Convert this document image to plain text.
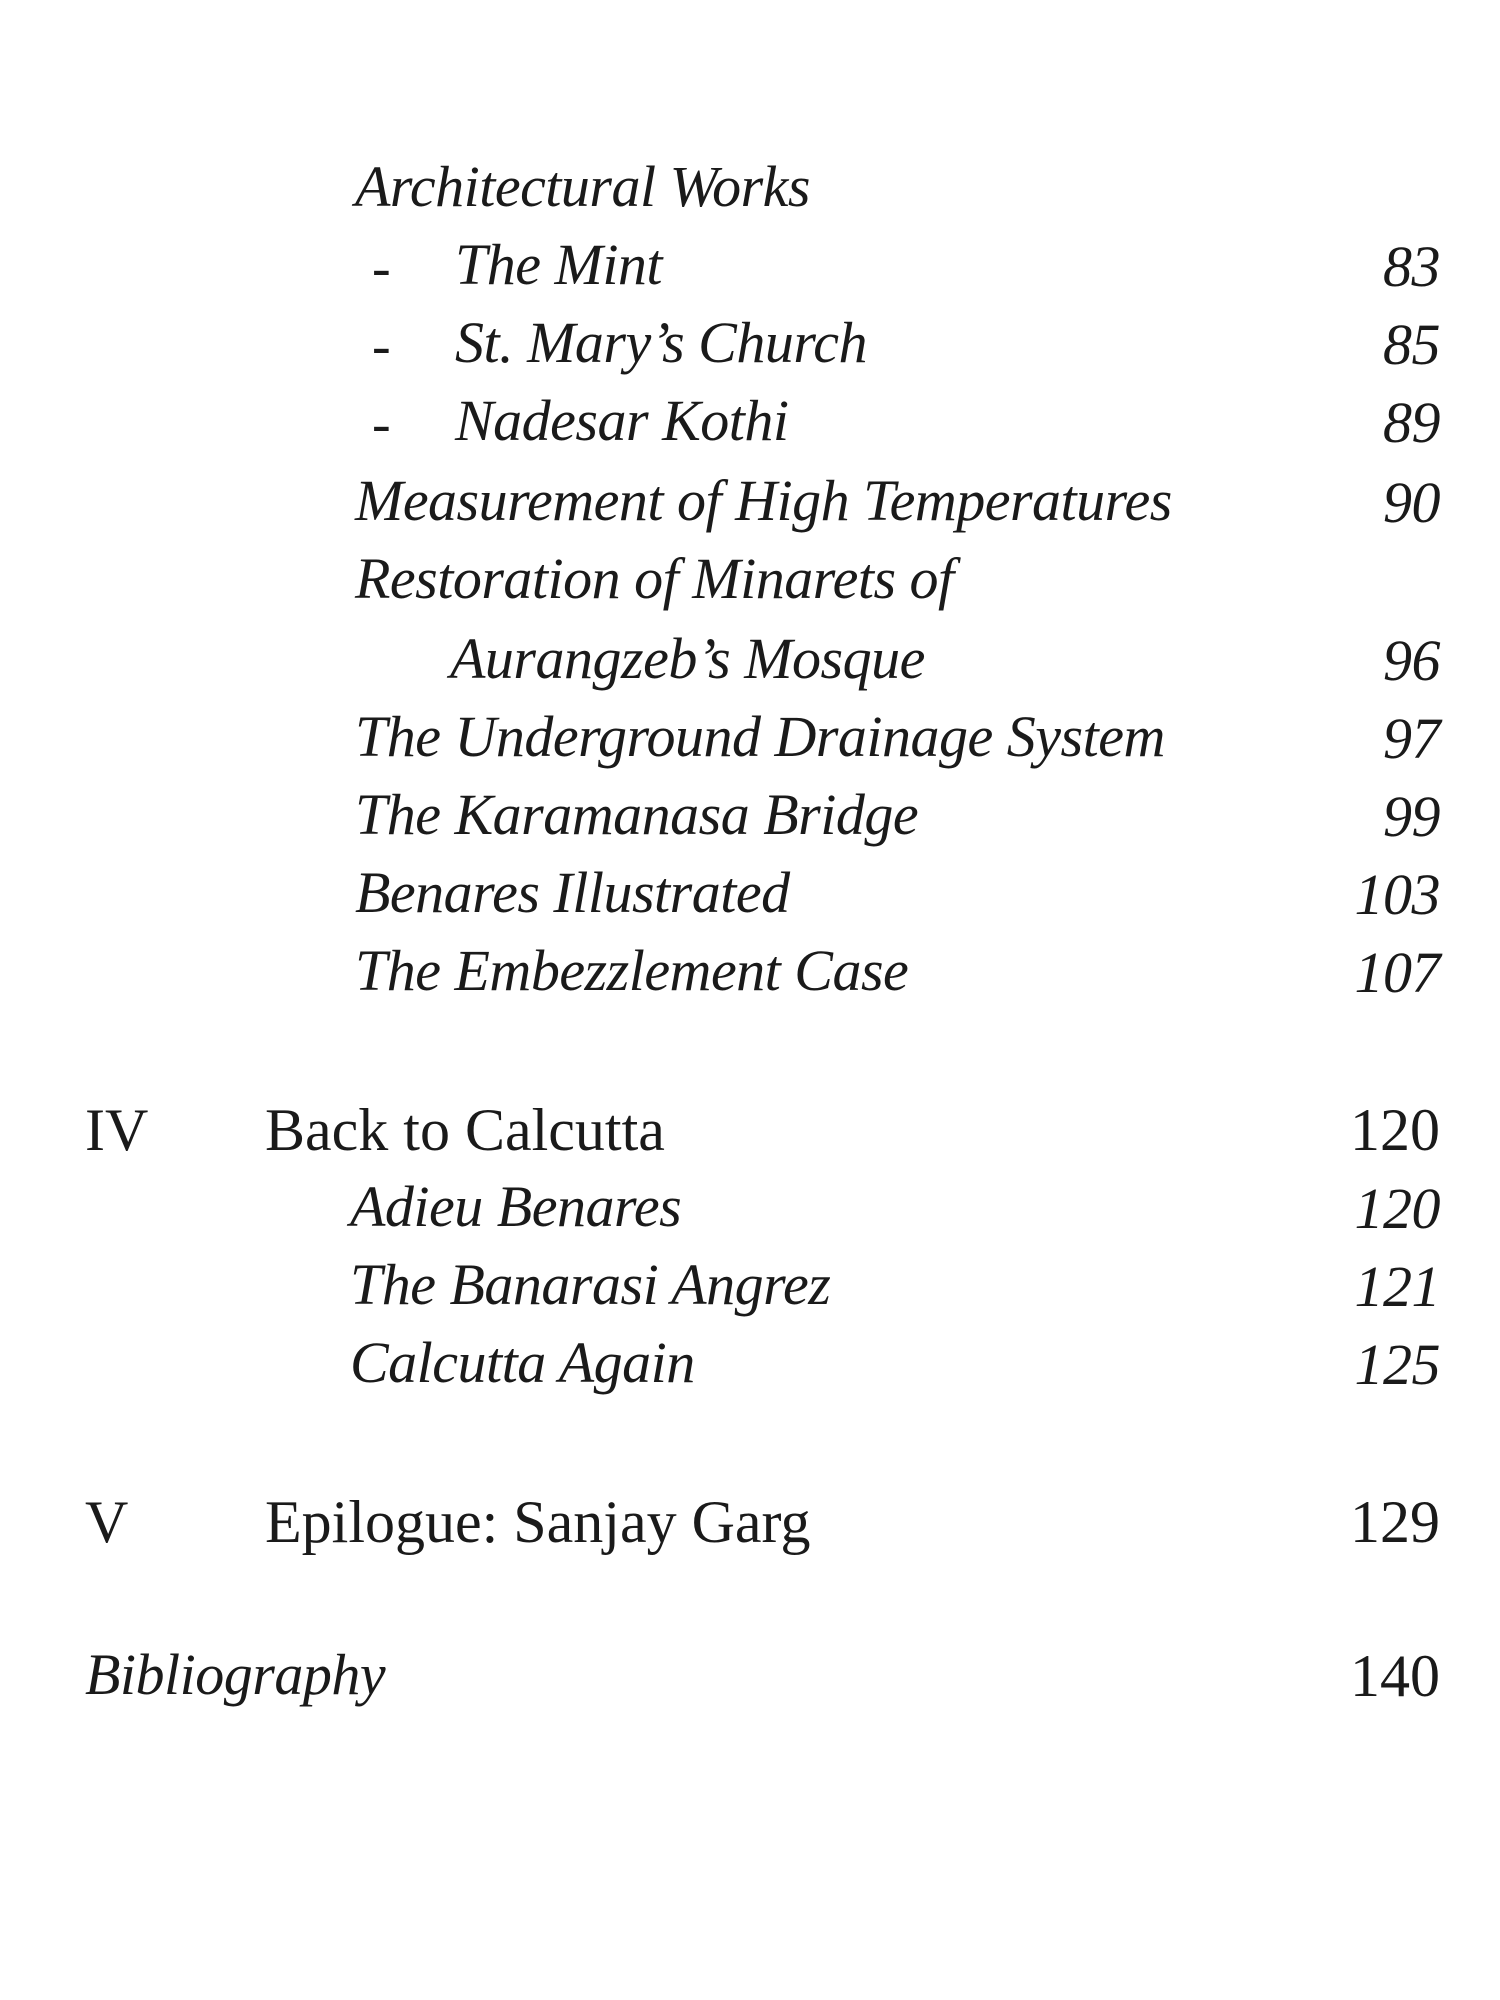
Architectural Works
- The Mint	83
- St. Mary’s Church	85
- Nadesar Kothi	89
Measurement of High Temperatures	90
Restoration of Minarets of
Aurangzeb’s Mosque	96
The Underground Drainage System	97
The Karamanasa Bridge	99
Benares Illustrated	103
The Embezzlement Case	107
IV Back to Calcutta	120
Adieu Benares	120
The Banarasi Angrez	121
Calcutta Again	125
V Epilogue: Sanjay Garg	129
Bibliography	140
